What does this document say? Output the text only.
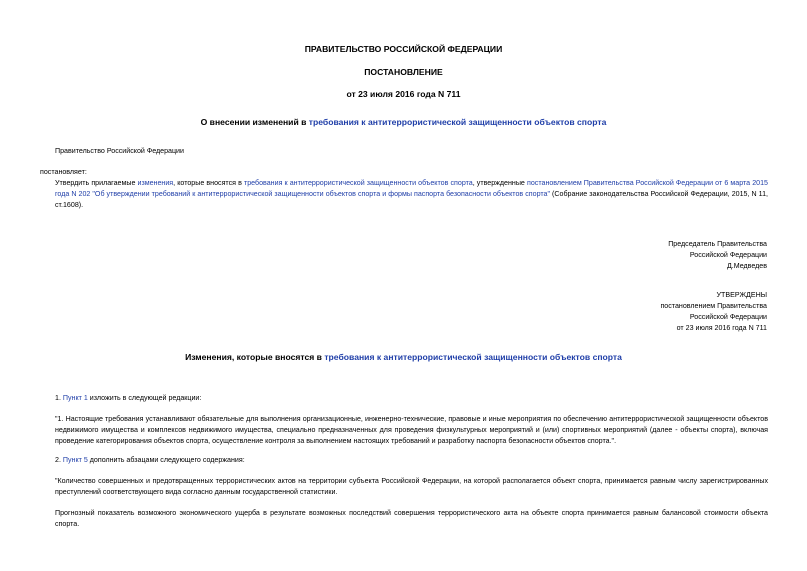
ПРАВИТЕЛЬСТВО РОССИЙСКОЙ ФЕДЕРАЦИИ
ПОСТАНОВЛЕНИЕ
от 23 июля 2016 года N 711
О внесении изменений в требования к антитеррористической защищенности объектов спорта
Правительство Российской Федерации
постановляет:
Утвердить прилагаемые изменения, которые вносятся в требования к антитеррористической защищенности объектов спорта, утвержденные постановлением Правительства Российской Федерации от 6 марта 2015 года N 202 "Об утверждении требований к антитеррористической защищенности объектов спорта и формы паспорта безопасности объектов спорта" (Собрание законодательства Российской Федерации, 2015, N 11, ст.1608).
Председатель Правительства
Российской Федерации
Д.Медведев
УТВЕРЖДЕНЫ
постановлением Правительства
Российской Федерации
от 23 июля 2016 года N 711
Изменения, которые вносятся в требования к антитеррористической защищенности объектов спорта
1. Пункт 1 изложить в следующей редакции:
"1. Настоящие требования устанавливают обязательные для выполнения организационные, инженерно-технические, правовые и иные мероприятия по обеспечению антитеррористической защищенности объектов недвижимого имущества и комплексов недвижимого имущества, специально предназначенных для проведения физкультурных мероприятий и (или) спортивных мероприятий (далее - объекты спорта), включая проведение категорирования объектов спорта, осуществление контроля за выполнением настоящих требований и разработку паспорта безопасности объектов спорта.".
2. Пункт 5 дополнить абзацами следующего содержания:
"Количество совершенных и предотвращенных террористических актов на территории субъекта Российской Федерации, на которой располагается объект спорта, принимается равным числу зарегистрированных преступлений соответствующего вида согласно данным государственной статистики.
Прогнозный показатель возможного экономического ущерба в результате возможных последствий совершения террористического акта на объекте спорта принимается равным балансовой стоимости объекта спорта.
